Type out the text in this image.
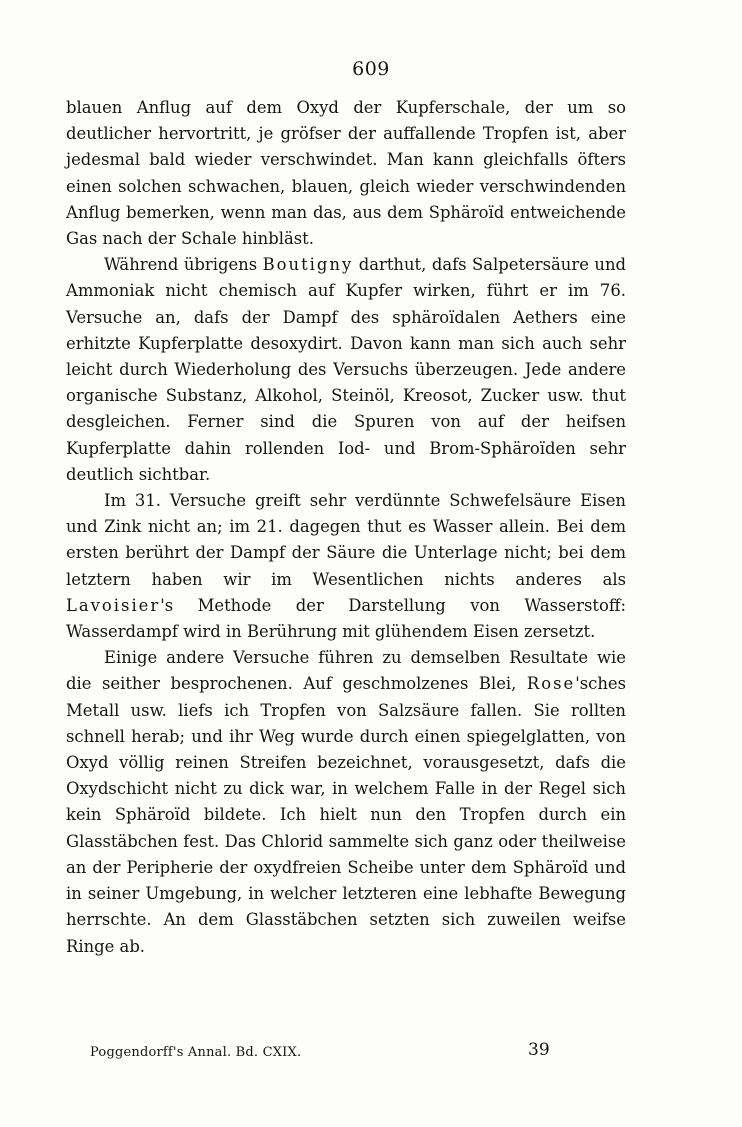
609

blauen Anflug auf dem Oxyd der Kupferschale, der um so deutlicher hervortritt, je gröfser der auffallende Tropfen ist, aber jedesmal bald wieder verschwindet. Man kann gleichfalls öfters einen solchen schwachen, blauen, gleich wieder verschwindenden Anflug bemerken, wenn man das, aus dem Sphäroïd entweichende Gas nach der Schale hinbläst.

Während übrigens Boutigny darthut, dafs Salpetersäure und Ammoniak nicht chemisch auf Kupfer wirken, führt er im 76. Versuche an, dafs der Dampf des sphäroïdalen Aethers eine erhitzte Kupferplatte desoxydirt. Davon kann man sich auch sehr leicht durch Wiederholung des Versuchs überzeugen. Jede andere organische Substanz, Alkohol, Steinöl, Kreosot, Zucker usw. thut desgleichen. Ferner sind die Spuren von auf der heifsen Kupferplatte dahin rollenden Iod- und Brom-Sphäroïden sehr deutlich sichtbar.

Im 31. Versuche greift sehr verdünnte Schwefelsäure Eisen und Zink nicht an; im 21. dagegen thut es Wasser allein. Bei dem ersten berührt der Dampf der Säure die Unterlage nicht; bei dem letztern haben wir im Wesentlichen nichts anderes als Lavoisier's Methode der Darstellung von Wasserstoff: Wasserdampf wird in Berührung mit glühendem Eisen zersetzt.

Einige andere Versuche führen zu demselben Resultate wie die seither besprochenen. Auf geschmolzenes Blei, Rose'sches Metall usw. liefs ich Tropfen von Salzsäure fallen. Sie rollten schnell herab; und ihr Weg wurde durch einen spiegelglatten, von Oxyd völlig reinen Streifen bezeichnet, vorausgesetzt, dafs die Oxydschicht nicht zu dick war, in welchem Falle in der Regel sich kein Sphäroïd bildete. Ich hielt nun den Tropfen durch ein Glasstäbchen fest. Das Chlorid sammelte sich ganz oder theilweise an der Peripherie der oxydfreien Scheibe unter dem Sphäroïd und in seiner Umgebung, in welcher letzteren eine lebhafte Bewegung herrschte. An dem Glasstäbchen setzten sich zuweilen weifse Ringe ab.

Poggendorff's Annal. Bd. CXIX.	39
